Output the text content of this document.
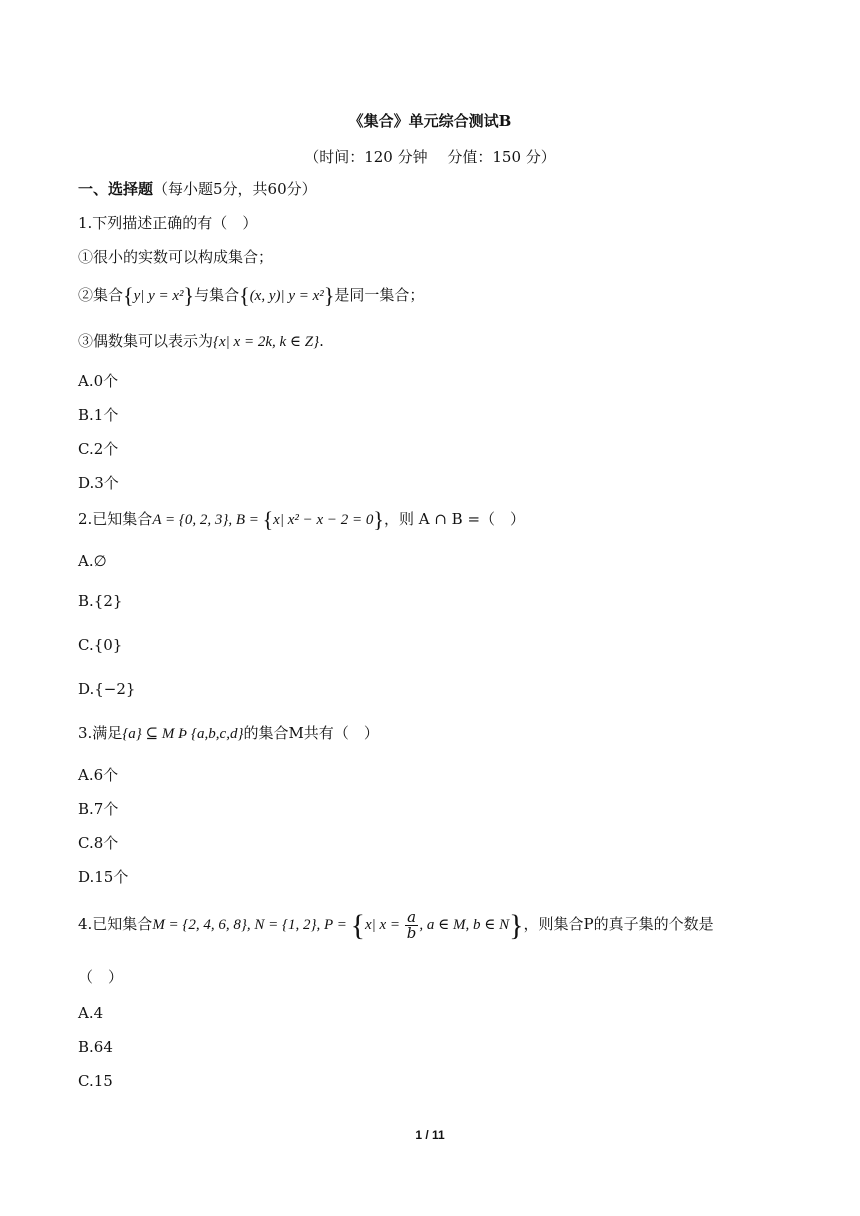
《集合》单元综合测试B
（时间：120 分钟　 分值：150 分）
一、选择题（每小题5分，共60分）
1.下列描述正确的有（　）
①很小的实数可以构成集合；
②集合{y| y = x²}与集合{(x, y)| y = x²}是同一集合；
③偶数集可以表示为{x| x = 2k, k ∈ Z}.
A.0个
B.1个
C.2个
D.3个
2.已知集合A = {0, 2, 3}, B = {x| x² − x − 2 = 0}，则 A ∩ B =（　）
A.∅
B.{2}
C.{0}
D.{−2}
3.满足{a} ⊆ M Þ {a,b,c,d}的集合M共有（　）
A.6个
B.7个
C.8个
D.15个
4.已知集合M = {2, 4, 6, 8}, N = {1, 2}, P = {x| $x = \frac{a}{b}$ , a ∈ M, b ∈ N}，则集合P的真子集的个数是
（　）
A.4
B.64
C.15
1 / 11
